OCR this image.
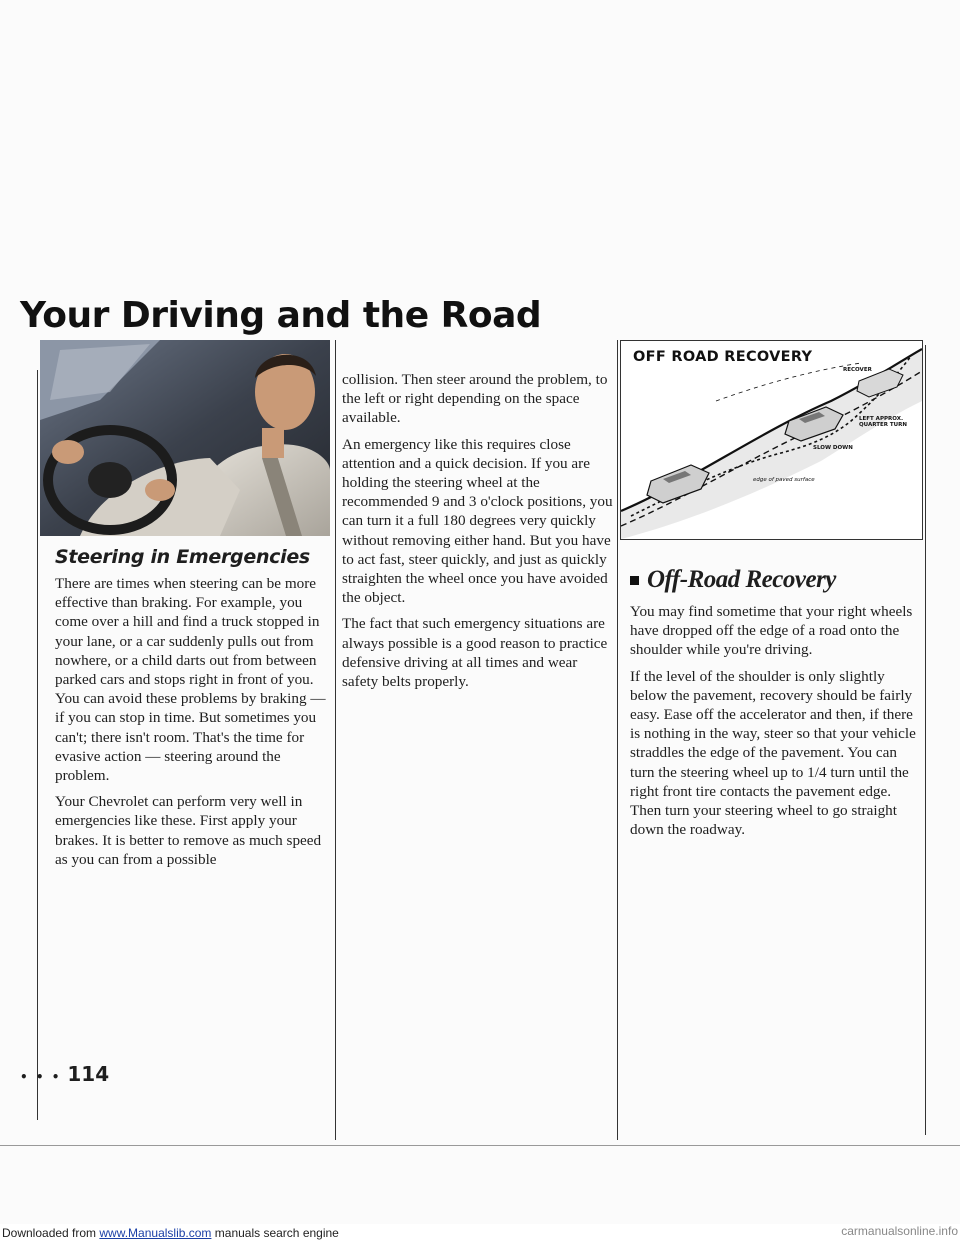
Your Driving and the Road
Steering in Emergencies

There are times when steering can be more effective than braking. For example, you come over a hill and find a truck stopped in your lane, or a car suddenly pulls out from nowhere, or a child darts out from between parked cars and stops right in front of you. You can avoid these problems by braking — if you can stop in time. But sometimes you can't; there isn't room. That's the time for evasive action — steering around the problem.

Your Chevrolet can perform very well in emergencies like these. First apply your brakes. It is better to remove as much speed as you can from a possible

collision. Then steer around the problem, to the left or right depending on the space available.

An emergency like this requires close attention and a quick decision. If you are holding the steering wheel at the recommended 9 and 3 o'clock positions, you can turn it a full 180 degrees very quickly without removing either hand. But you have to act fast, steer quickly, and just as quickly straighten the wheel once you have avoided the object.

The fact that such emergency situations are always possible is a good reason to practice defensive driving at all times and wear safety belts properly.

OFF ROAD RECOVERY
RECOVER
LEFT APPROX.
QUARTER TURN
SLOW DOWN
edge of paved surface
Off-Road Recovery

You may find sometime that your right wheels have dropped off the edge of a road onto the shoulder while you're driving.

If the level of the shoulder is only slightly below the pavement, recovery should be fairly easy. Ease off the accelerator and then, if there is nothing in the way, steer so that your vehicle straddles the edge of the pavement. You can turn the steering wheel up to 1/4 turn until the right front tire contacts the pavement edge. Then turn your steering wheel to go straight down the roadway.

• • • 114

Downloaded from www.Manualslib.com manuals search engine	carmanualsonline.info
